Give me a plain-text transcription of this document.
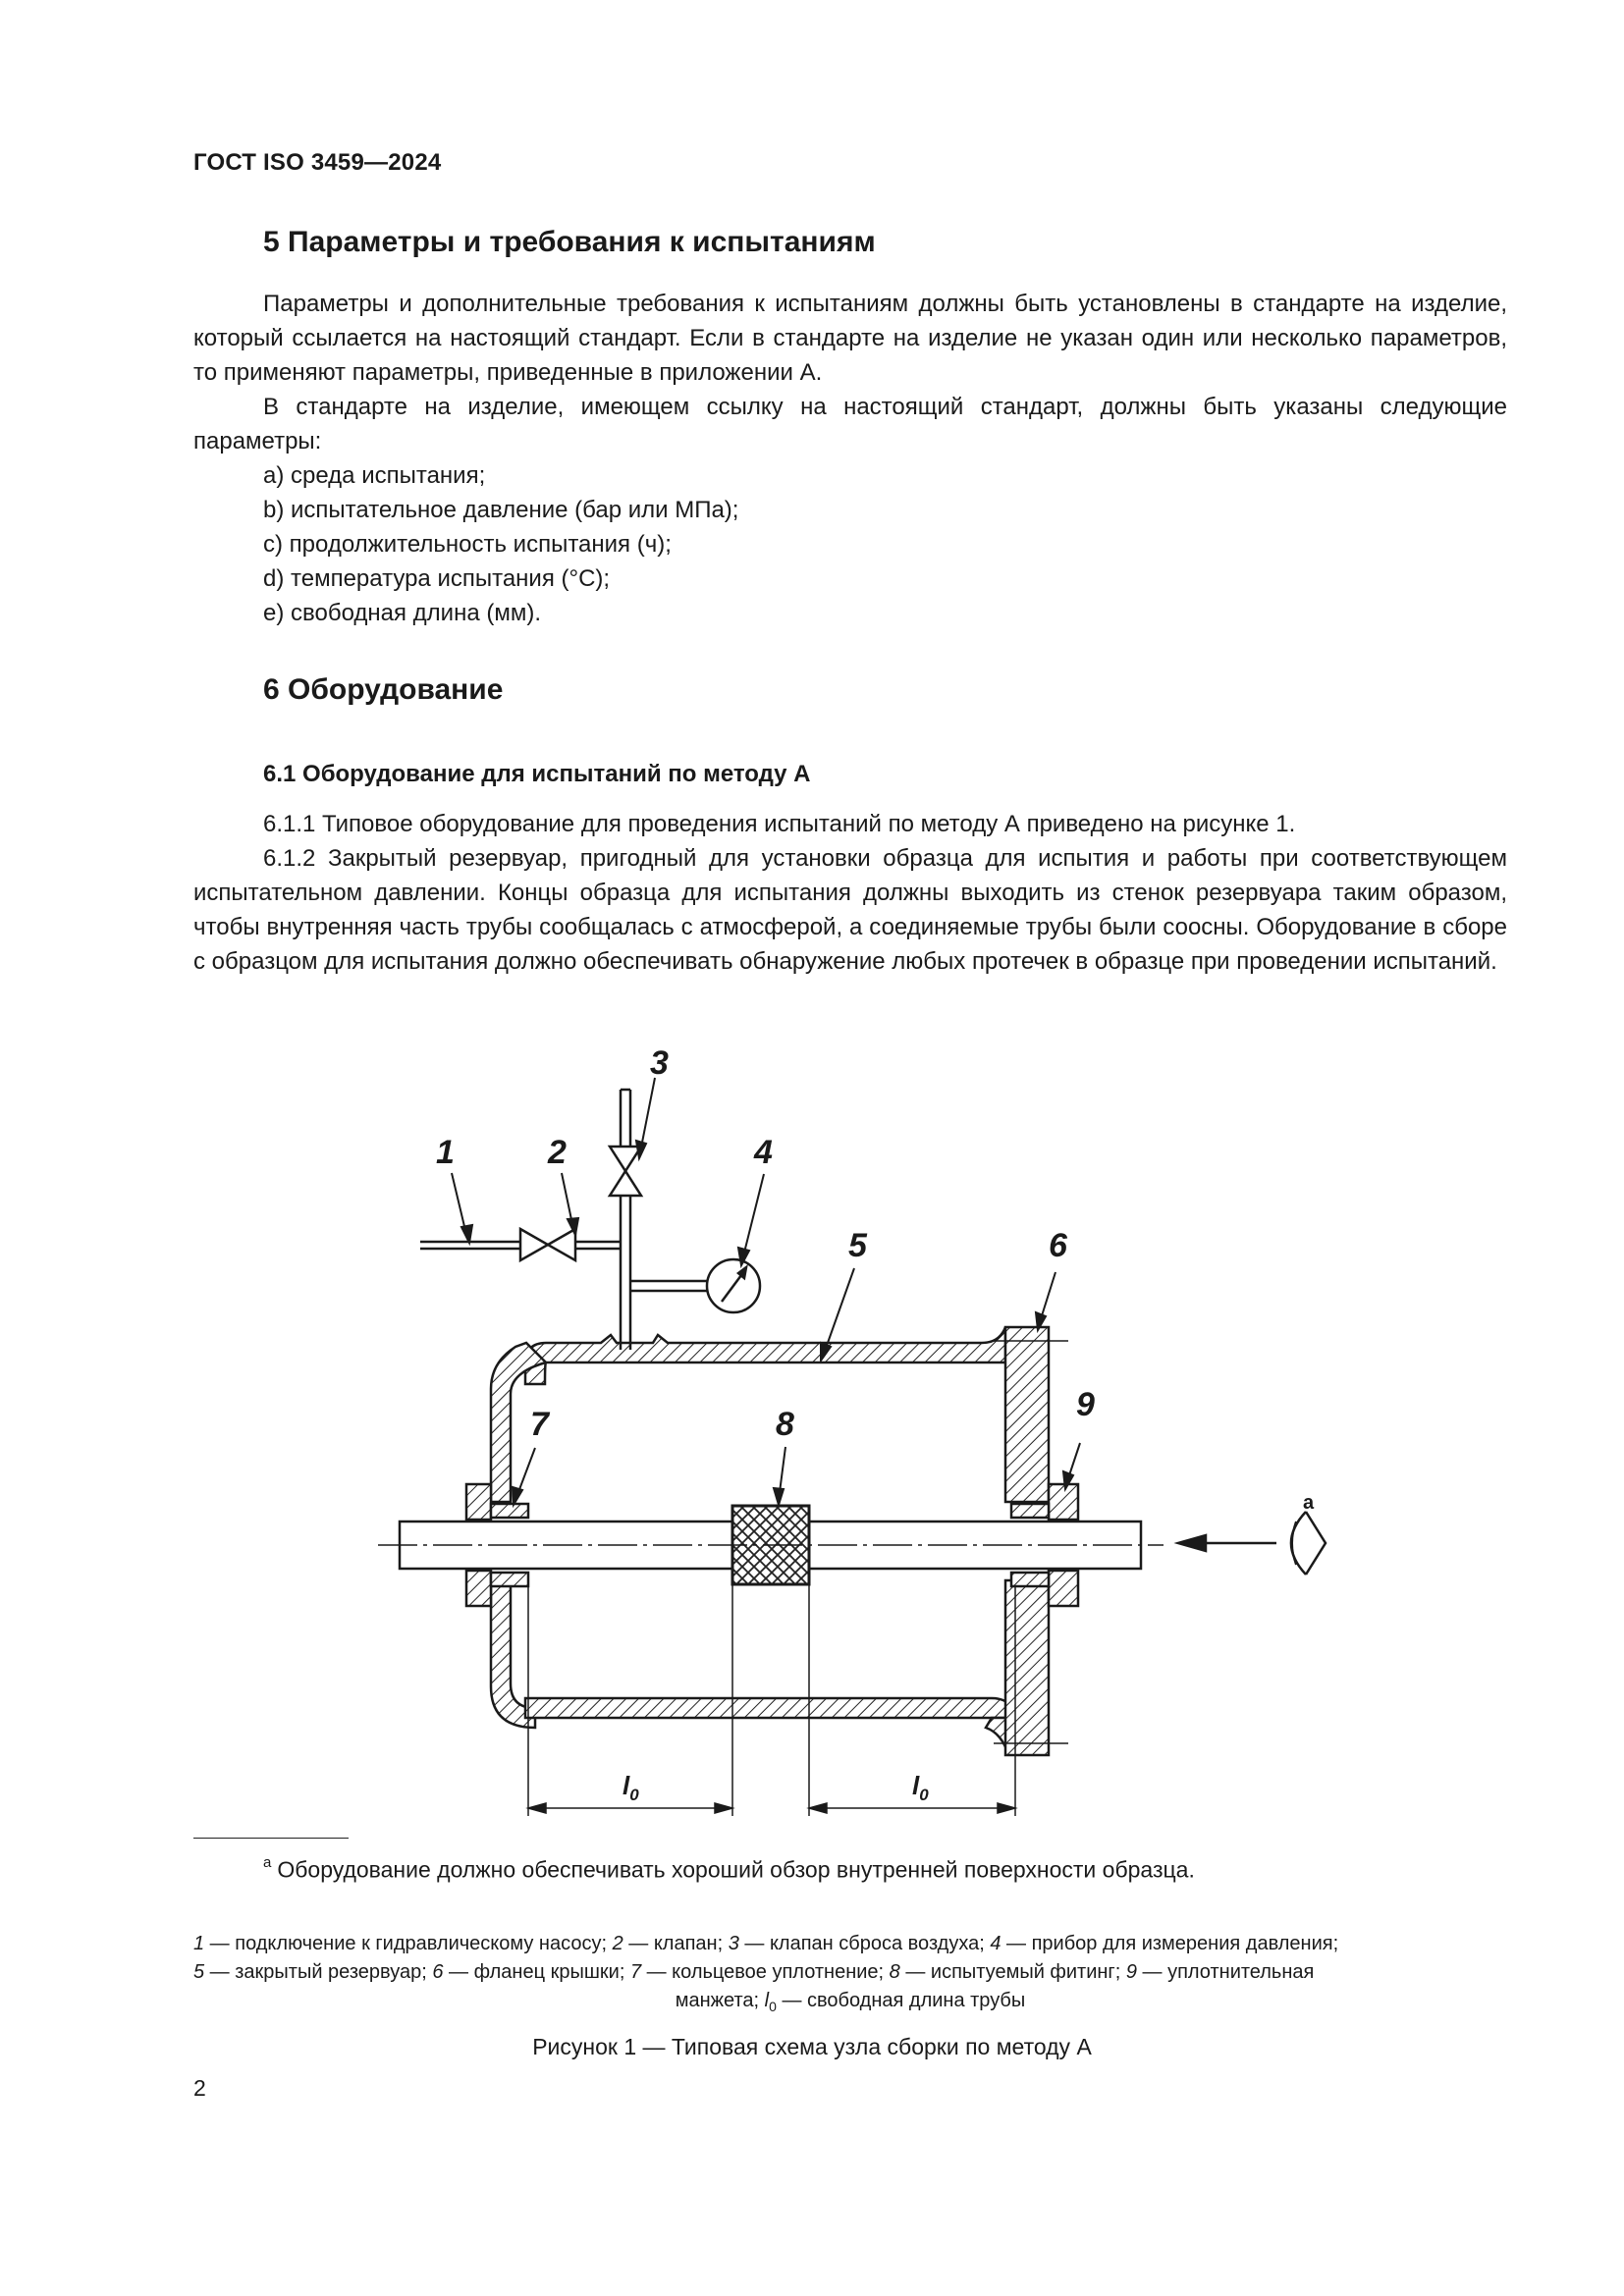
ГОСТ ISO 3459—2024
5 Параметры и требования к испытаниям
Параметры и дополнительные требования к испытаниям должны быть установлены в стандарте на изделие, который ссылается на настоящий стандарт. Если в стандарте на изделие не указан один или несколько параметров, то применяют параметры, приведенные в приложении А.
В стандарте на изделие, имеющем ссылку на настоящий стандарт, должны быть указаны следующие параметры:
а) среда испытания;
b) испытательное давление (бар или МПа);
c) продолжительность испытания (ч);
d) температура испытания (°С);
е) свободная длина (мм).
6 Оборудование
6.1 Оборудование для испытаний по методу А
6.1.1 Типовое оборудование для проведения испытаний по методу А приведено на рисунке 1.
6.1.2 Закрытый резервуар, пригодный для установки образца для испытия и работы при соответствующем испытательном давлении. Концы образца для испытания должны выходить из стенок резервуара таким образом, чтобы внутренняя часть трубы сообщалась с атмосферой, а соединяемые трубы были соосны. Оборудование в сборе с образцом для испытания должно обеспечивать обнаружение любых протечек в образце при проведении испытаний.
a
$l_0$	$l_0$
1	2
3
4
5	6
7	8
9
$^a$ Оборудование должно обеспечивать хороший обзор внутренней поверхности образца.
1 — подключение к гидравлическому насосу; 2 — клапан; 3 — клапан сброса воздуха; 4 — прибор для измерения давления;
5 — закрытый резервуар; 6 — фланец крышки; 7 — кольцевое уплотнение; 8 — испытуемый фитинг; 9 — уплотнительная
манжета; $l_0$ — свободная длина трубы
Рисунок 1 — Типовая схема узла сборки по методу А
2
